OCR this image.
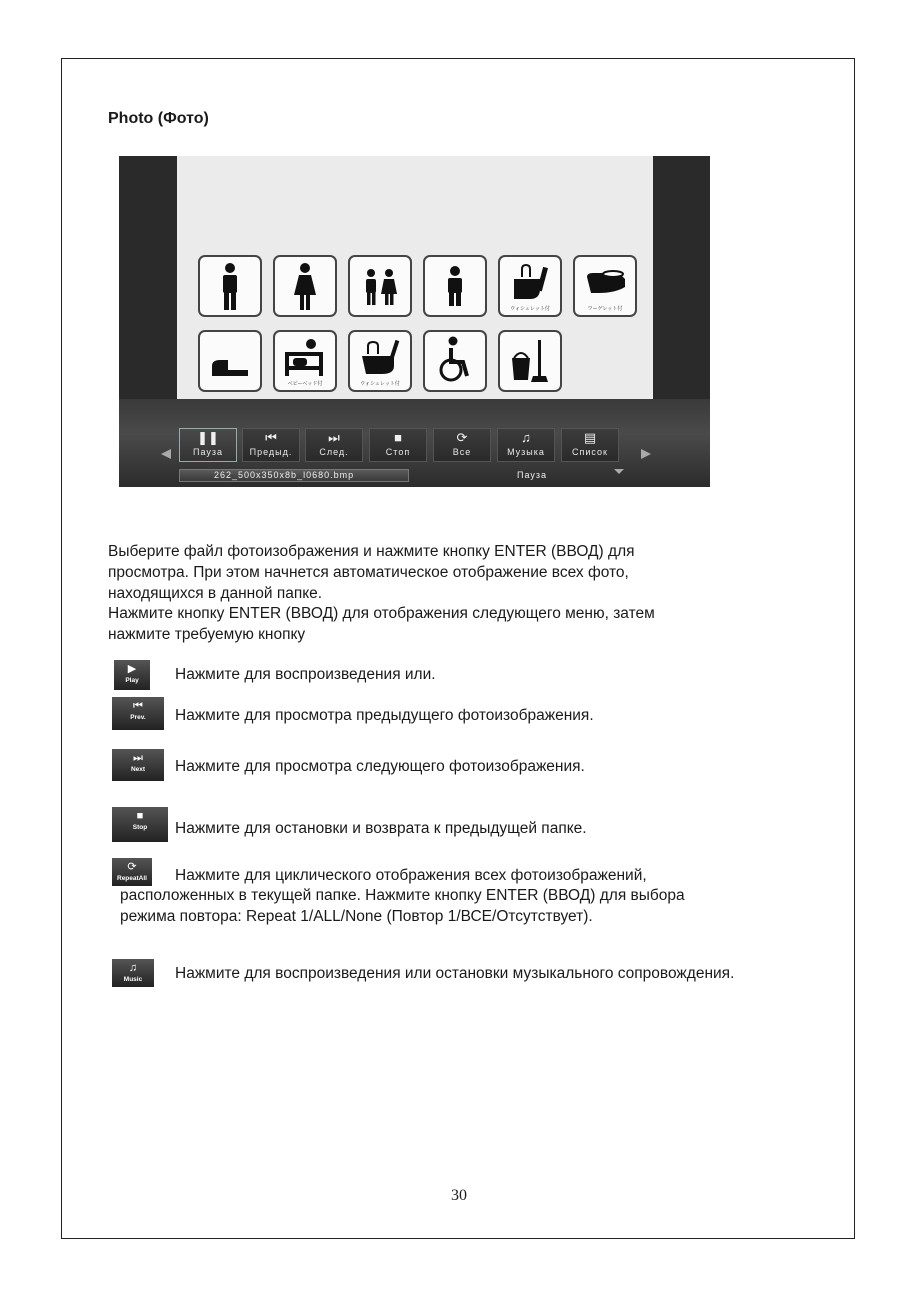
Photo (Фото)
ウォシュレット付	ワーゲレット付
ベビーベッド付	ウォシュレット付
❚❚
Пауза
⏮
Предыд.
⏭
След.
■
Стоп
⟳
Все
♫
Музыка
▤
Список
262_500x350x8b_l0680.bmp	Пауза
Выберите файл фотоизображения и нажмите кнопку ENTER (ВВОД) для
просмотра. При этом начнется автоматическое отображение всех фото,
находящихся в данной папке.
Нажмите кнопку ENTER (ВВОД) для отображения следующего меню, затем
нажмите требуемую кнопку
▶
Play	Нажмите для воспроизведения или.
⏮
Prev.	Нажмите для просмотра предыдущего фотоизображения.
⏭
Next	Нажмите для просмотра следующего фотоизображения.
■
Stop	Нажмите для остановки и возврата к предыдущей папке.
⟳
RepeatAll	Нажмите для циклического отображения всех фотоизображений,
расположенных в текущей папке. Нажмите кнопку ENTER (ВВОД) для выбора
режима повтора: Repeat 1/ALL/None (Повтор 1/ВСЕ/Отсутствует).
♫
Music	Нажмите для воспроизведения или остановки музыкального сопровождения.
30
